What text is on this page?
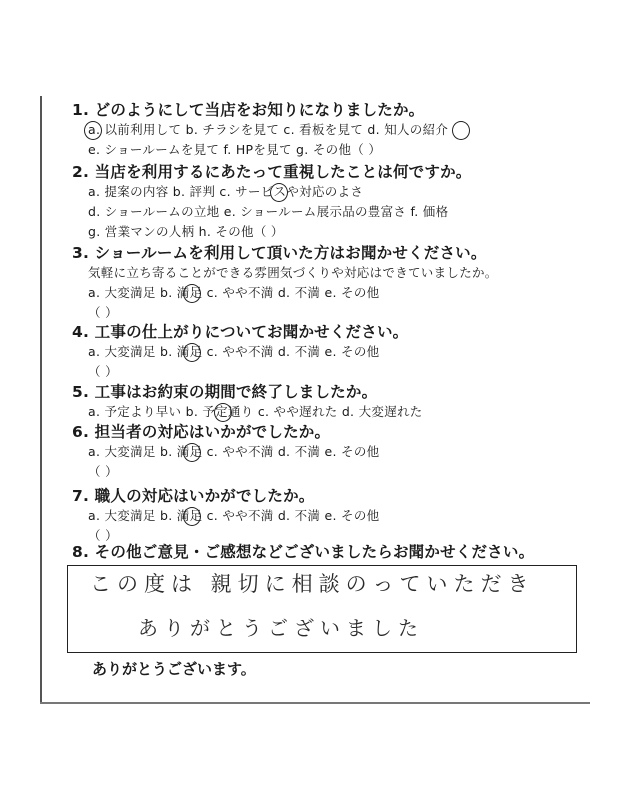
1. どのようにして当店をお知りになりましたか。
a. 以前利用して b. チラシを見て c. 看板を見て d. 知人の紹介
e. ショールームを見て f. HPを見て g. その他（ ）
2. 当店を利用するにあたって重視したことは何ですか。
a. 提案の内容 b. 評判 c. サービスや対応のよさ
d. ショールームの立地 e. ショールーム展示品の豊富さ f. 価格
g. 営業マンの人柄 h. その他（ ）
3. ショールームを利用して頂いた方はお聞かせください。
気軽に立ち寄ることができる雰囲気づくりや対応はできていましたか。
a. 大変満足 b. 満足 c. やや不満 d. 不満 e. その他
（ ）
4. 工事の仕上がりについてお聞かせください。
a. 大変満足 b. 満足 c. やや不満 d. 不満 e. その他
（ ）
5. 工事はお約束の期間で終了しましたか。
a. 予定より早い b. 予定通り c. やや遅れた d. 大変遅れた
6. 担当者の対応はいかがでしたか。
a. 大変満足 b. 満足 c. やや不満 d. 不満 e. その他
（ ）
7. 職人の対応はいかがでしたか。
a. 大変満足 b. 満足 c. やや不満 d. 不満 e. その他
（ ）
8. その他ご意見・ご感想などございましたらお聞かせください。
この度は 親切に相談のっていただき
ありがとうございました
ありがとうございます。
